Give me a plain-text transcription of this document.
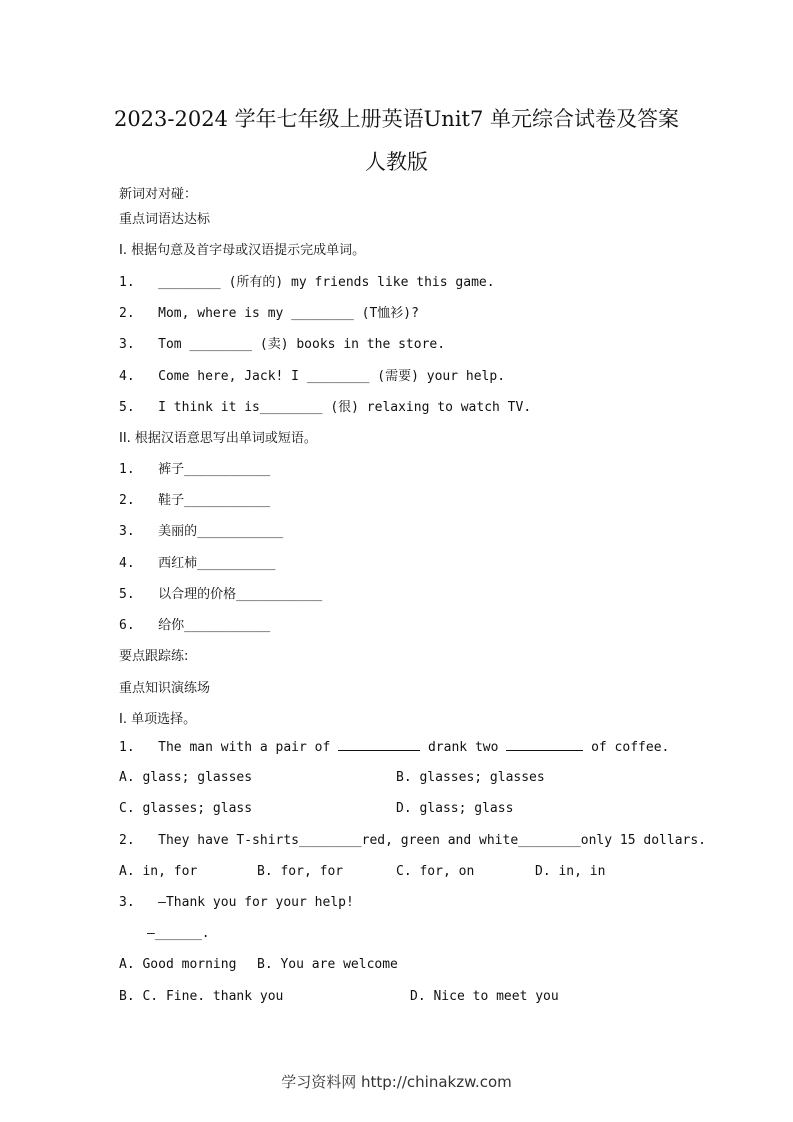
2023-2024 学年七年级上册英语Unit7 单元综合试卷及答案
人教版
新词对对碰：
重点词语达达标
I. 根据句意及首字母或汉语提示完成单词。
1.   ________ (所有的) my friends like this game.
2.   Mom, where is my ________ (T恤衫)?
3.   Tom ________ (卖) books in the store.
4.   Come here, Jack! I ________ (需要) your help.
5.   I think it is________ (很) relaxing to watch TV.
II. 根据汉语意思写出单词或短语。
1.   裤子___________
2.   鞋子___________
3.   美丽的___________
4.   西红柿__________
5.   以合理的价格___________
6.   给你___________
要点跟踪练:
重点知识演练场
I. 单项选择。
1.   The man with a pair of	drank two	of coffee.
A. glass; glasses	B. glasses; glasses
C. glasses; glass	D. glass; glass
2.   They have T-shirts________red, green and white________only 15 dollars.
A. in, for	B. for, for	C. for, on	D. in, in
3.   —Thank you for your help!
—______.
A. Good morning B. You are welcome
B. C. Fine. thank you	D. Nice to meet you
学习资料网 http://chinakzw.com
